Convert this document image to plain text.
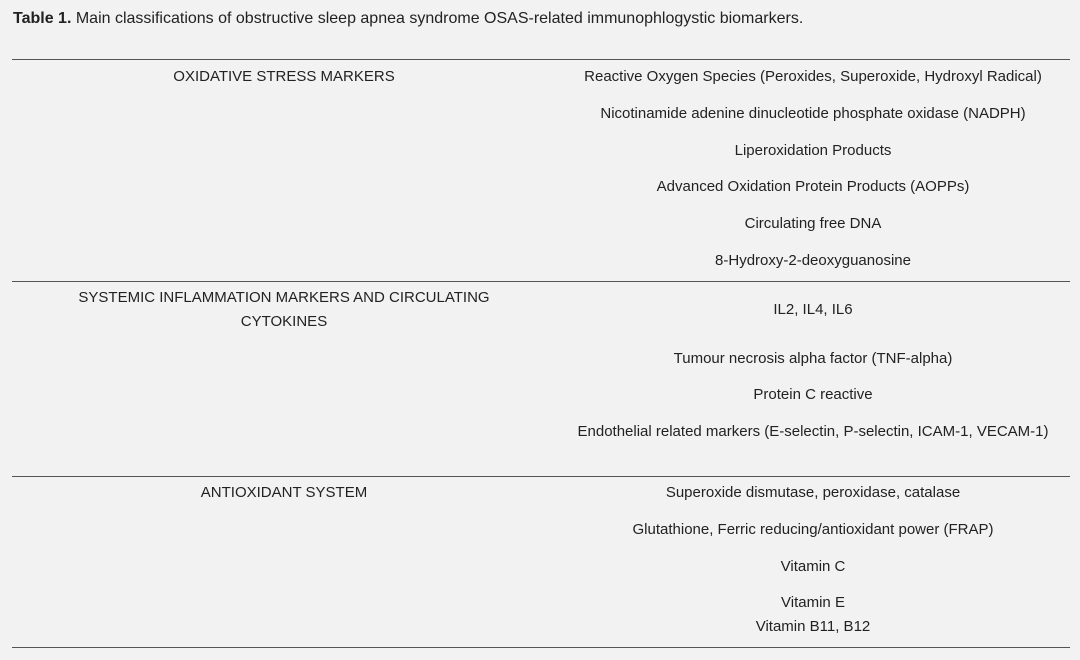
Table 1. Main classifications of obstructive sleep apnea syndrome OSAS-related immunophlogystic biomarkers.
OXIDATIVE STRESS MARKERS	Reactive Oxygen Species (Peroxides, Superoxide, Hydroxyl Radical)
Nicotinamide adenine dinucleotide phosphate oxidase (NADPH)
Liperoxidation Products
Advanced Oxidation Protein Products (AOPPs)
Circulating free DNA
8-Hydroxy-2-deoxyguanosine
SYSTEMIC INFLAMMATION MARKERS AND CIRCULATING CYTOKINES
IL2, IL4, IL6
Tumour necrosis alpha factor (TNF-alpha)
Protein C reactive
Endothelial related markers (E-selectin, P-selectin, ICAM-1, VECAM-1)
ANTIOXIDANT SYSTEM	Superoxide dismutase, peroxidase, catalase
Glutathione, Ferric reducing/antioxidant power (FRAP)
Vitamin C
Vitamin E
Vitamin B11, B12
